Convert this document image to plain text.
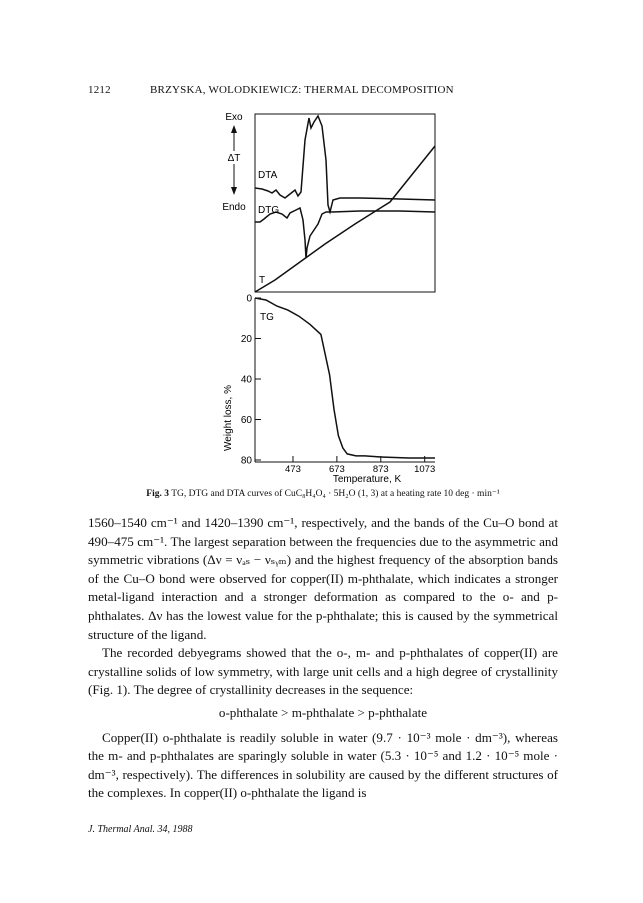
1212	BRZYSKA, WOLODKIEWICZ: THERMAL DECOMPOSITION
0
20
40
60
80
473	673	873	1073
Exo
ΔT
Endo
DTA
DTG
T
TG
Weight loss, %
Temperature, K
Fig. 3 TG, DTG and DTA curves of CuC₈H₄O₄ · 5H₂O (1, 3) at a heating rate 10 deg · min⁻¹

1560–1540 cm⁻¹ and 1420–1390 cm⁻¹, respectively, and the bands of the Cu–O bond at 490–475 cm⁻¹. The largest separation between the frequencies due to the asymmetric and symmetric vibrations (Δν = νₐₛ − νₛᵧₘ) and the highest frequency of the absorption bands of the Cu–O bond were observed for copper(II) m-phthalate, which indicates a stronger metal-ligand interaction and a stronger deformation as compared to the o- and p-phthalates. Δν has the lowest value for the p-phthalate; this is caused by the symmetrical structure of the ligand.

The recorded debyegrams showed that the o-, m- and p-phthalates of copper(II) are crystalline solids of low symmetry, with large unit cells and a high degree of crystallinity (Fig. 1). The degree of crystallinity decreases in the sequence:

o-phthalate > m-phthalate > p-phthalate

Copper(II) o-phthalate is readily soluble in water (9.7 · 10⁻³ mole · dm⁻³), whereas the m- and p-phthalates are sparingly soluble in water (5.3 · 10⁻⁵ and 1.2 · 10⁻⁵ mole · dm⁻³, respectively). The differences in solubility are caused by the different structures of the complexes. In copper(II) o-phthalate the ligand is

J. Thermal Anal. 34, 1988
